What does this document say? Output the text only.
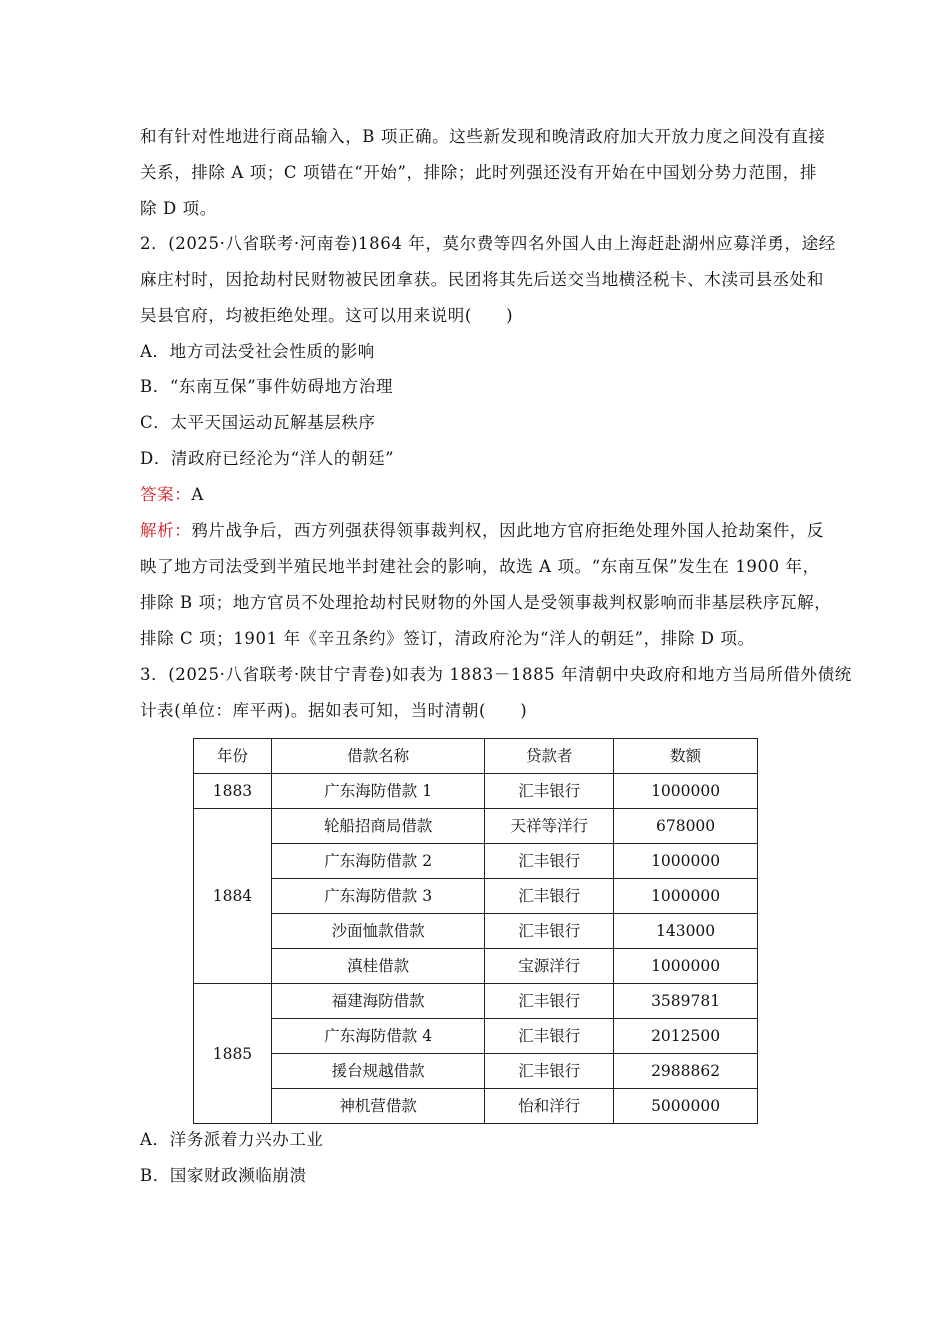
和有针对性地进行商品输入，B 项正确。这些新发现和晚清政府加大开放力度之间没有直接
关系，排除 A 项；C 项错在“开始”，排除；此时列强还没有开始在中国划分势力范围，排
除 D 项。
2．(2025·八省联考·河南卷)1864 年，莫尔费等四名外国人由上海赶赴湖州应募洋勇，途经
麻庄村时，因抢劫村民财物被民团拿获。民团将其先后送交当地横泾税卡、木渎司县丞处和
吴县官府，均被拒绝处理。这可以用来说明(　　)
A．地方司法受社会性质的影响
B．“东南互保”事件妨碍地方治理
C．太平天国运动瓦解基层秩序
D．清政府已经沦为“洋人的朝廷”
答案：A
解析：鸦片战争后，西方列强获得领事裁判权，因此地方官府拒绝处理外国人抢劫案件，反
映了地方司法受到半殖民地半封建社会的影响，故选 A 项。“东南互保”发生在 1900 年，
排除 B 项；地方官员不处理抢劫村民财物的外国人是受领事裁判权影响而非基层秩序瓦解，
排除 C 项；1901 年《辛丑条约》签订，清政府沦为“洋人的朝廷”，排除 D 项。
3．(2025·八省联考·陕甘宁青卷)如表为 1883－1885 年清朝中央政府和地方当局所借外债统
计表(单位：库平两)。据如表可知，当时清朝(　　)
年份	借款名称	贷款者	数额
1883	广东海防借款 1	汇丰银行	1000000
1884	轮船招商局借款	天祥等洋行	678000
	广东海防借款 2	汇丰银行	1000000
	广东海防借款 3	汇丰银行	1000000
	沙面恤款借款	汇丰银行	143000
	滇桂借款	宝源洋行	1000000
1885	福建海防借款	汇丰银行	3589781
	广东海防借款 4	汇丰银行	2012500
	援台规越借款	汇丰银行	2988862
	神机营借款	怡和洋行	5000000
A．洋务派着力兴办工业
B．国家财政濒临崩溃
